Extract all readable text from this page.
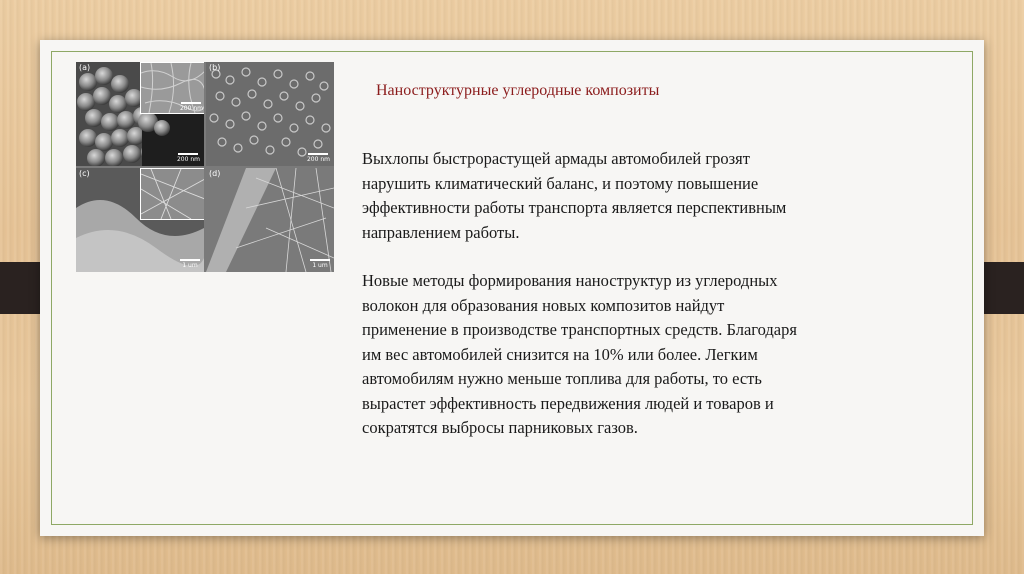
(a)
200 nm
200 nm
(b)
200 nm
(c)
1 um
(d)
1 um
Наноструктурные углеродные композиты
Выхлопы быстрорастущей армады автомобилей грозят
нарушить климатический баланс, и поэтому повышение
эффективности работы транспорта является перспективным
направлением работы.
Новые методы формирования наноструктур из углеродных
волокон для образования новых композитов найдут
применение в производстве транспортных средств. Благодаря
им вес автомобилей снизится на 10% или более. Легким
автомобилям нужно меньше топлива для работы, то есть
вырастет эффективность передвижения людей и товаров и
сократятся выбросы парниковых газов.
